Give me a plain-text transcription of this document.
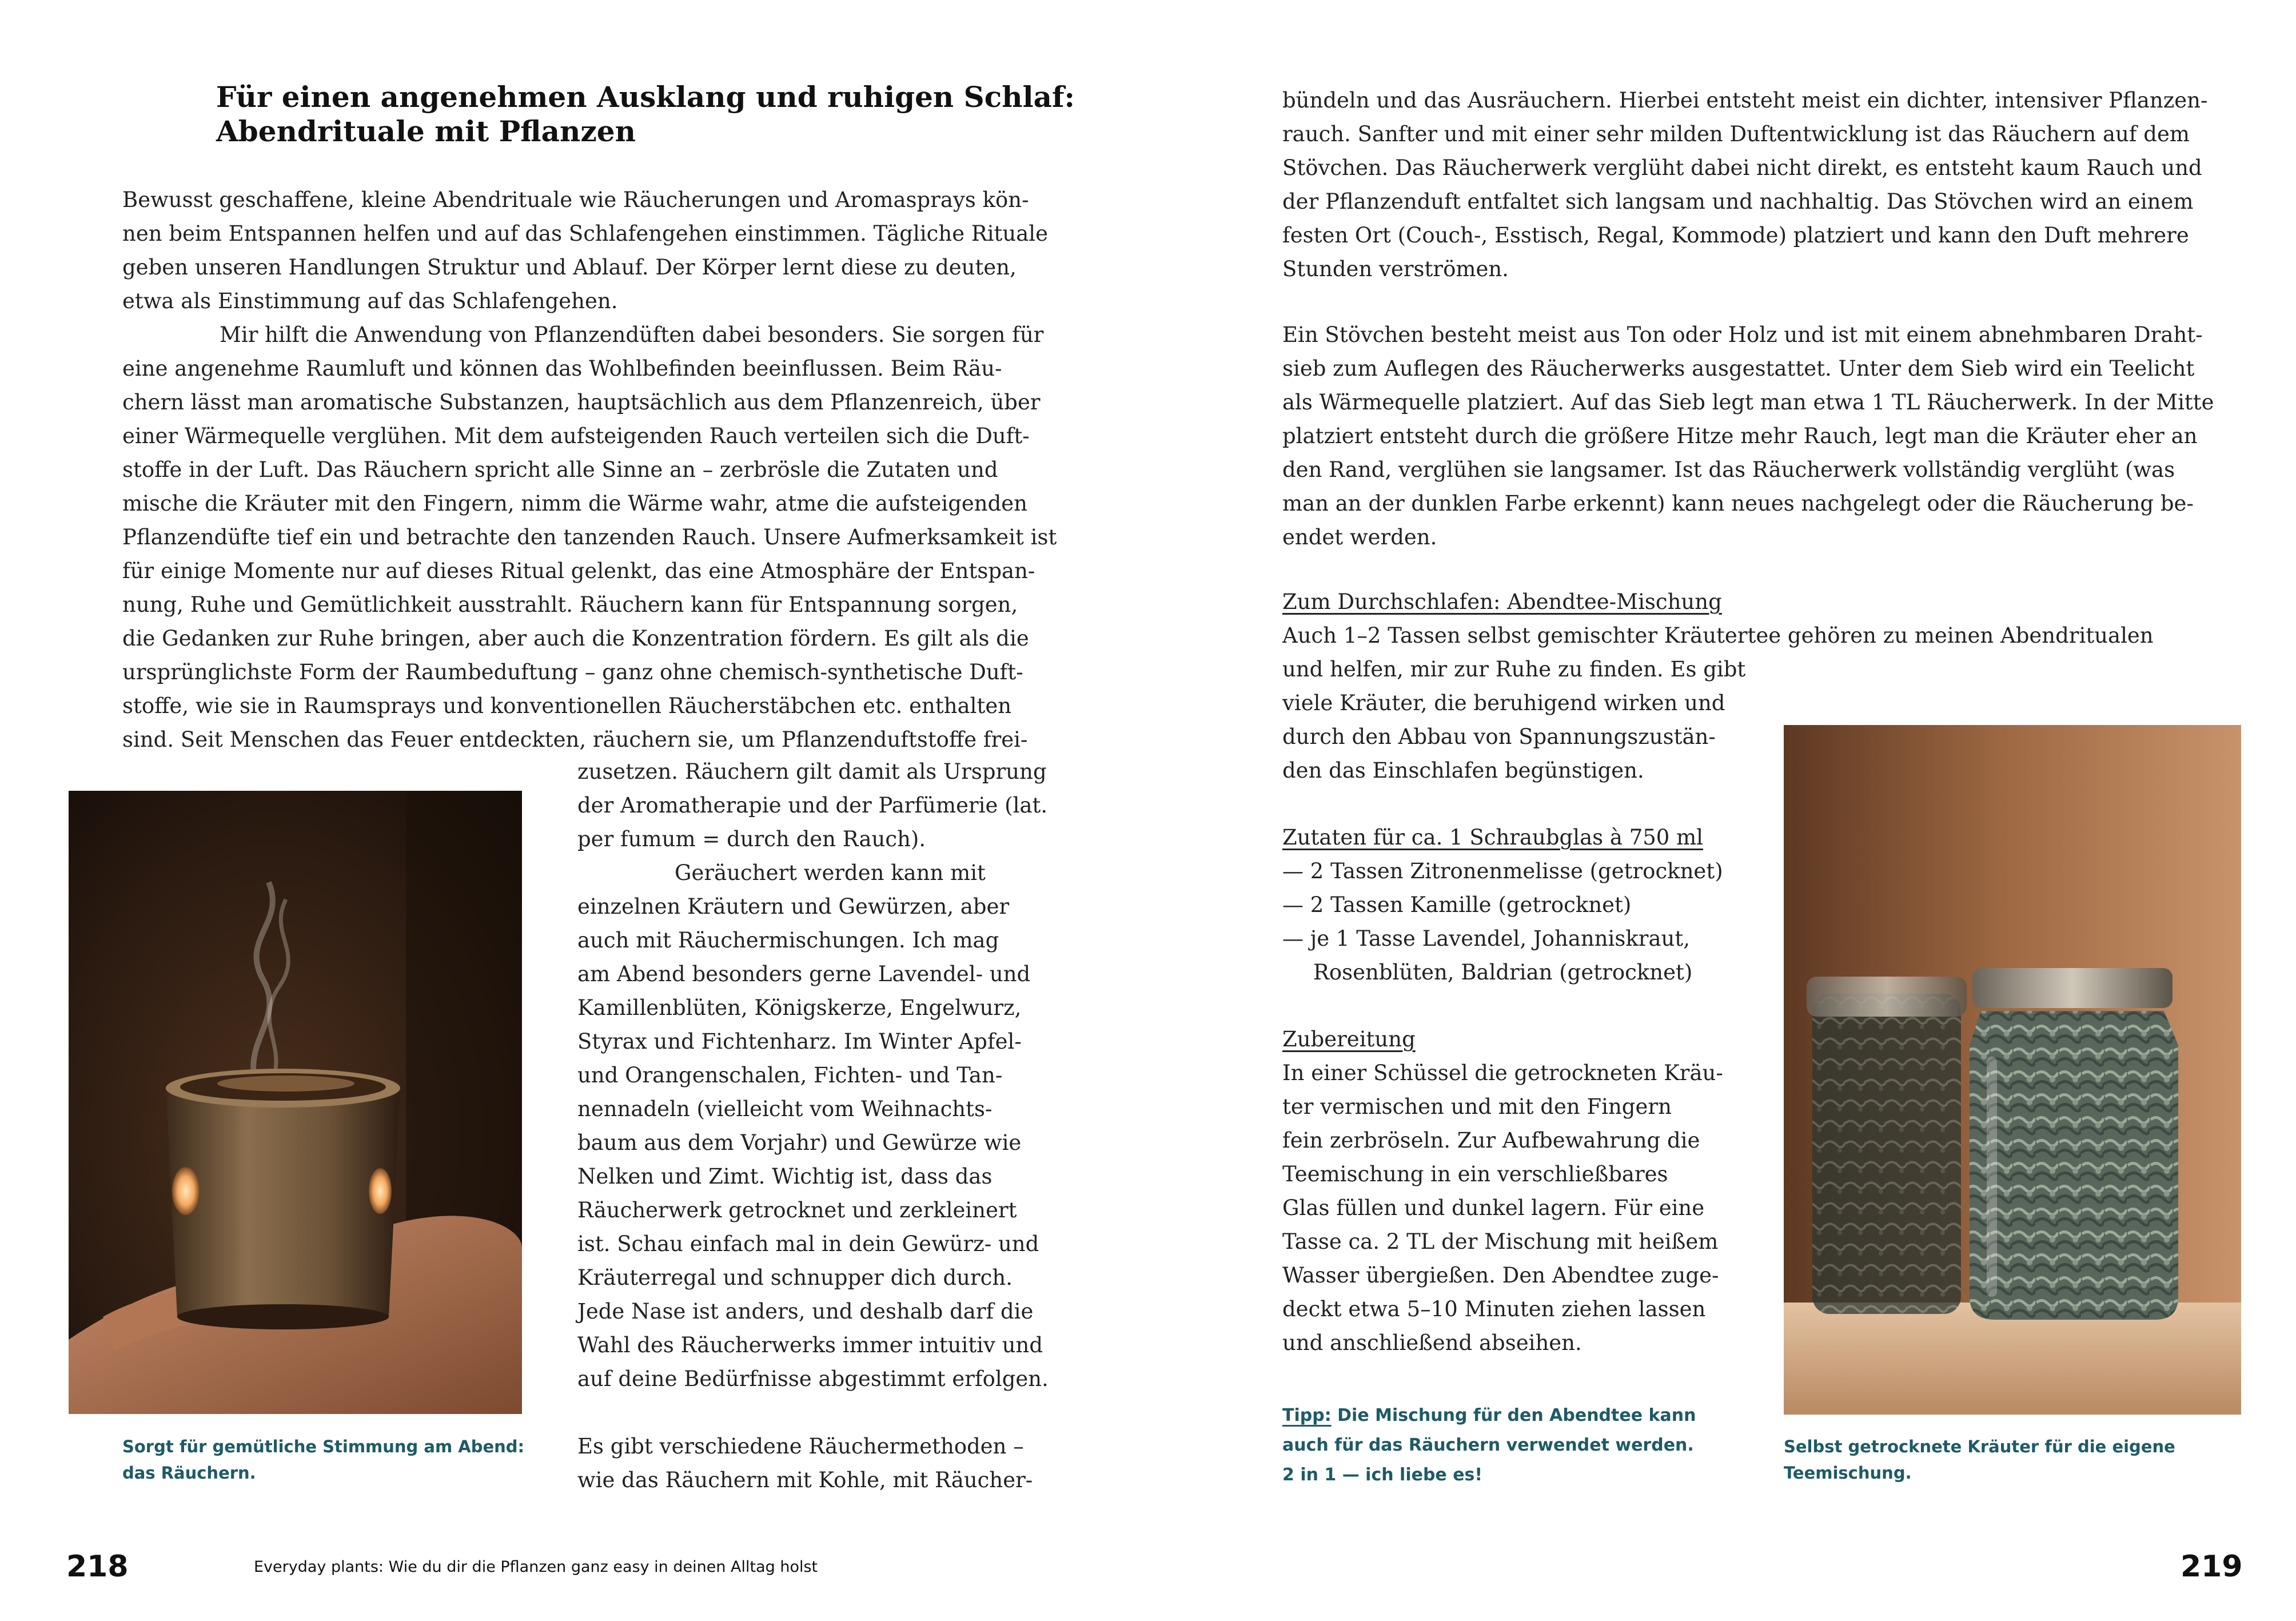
Für einen angenehmen Ausklang und ruhigen Schlaf:
Abendrituale mit Pflanzen
Bewusst geschaffene, kleine Abendrituale wie Räucherungen und Aromasprays kön-
nen beim Entspannen helfen und auf das Schlafengehen einstimmen. Tägliche Rituale
geben unseren Handlungen Struktur und Ablauf. Der Körper lernt diese zu deuten,
etwa als Einstimmung auf das Schlafengehen.
Mir hilft die Anwendung von Pflanzendüften dabei besonders. Sie sorgen für
eine angenehme Raumluft und können das Wohlbefinden beeinflussen. Beim Räu-
chern lässt man aromatische Substanzen, hauptsächlich aus dem Pflanzenreich, über
einer Wärmequelle verglühen. Mit dem aufsteigenden Rauch verteilen sich die Duft-
stoffe in der Luft. Das Räuchern spricht alle Sinne an – zerbrösle die Zutaten und
mische die Kräuter mit den Fingern, nimm die Wärme wahr, atme die aufsteigenden
Pflanzendüfte tief ein und betrachte den tanzenden Rauch. Unsere Aufmerksamkeit ist
für einige Momente nur auf dieses Ritual gelenkt, das eine Atmosphäre der Entspan-
nung, Ruhe und Gemütlichkeit ausstrahlt. Räuchern kann für Entspannung sorgen,
die Gedanken zur Ruhe bringen, aber auch die Konzentration fördern. Es gilt als die
ursprünglichste Form der Raumbeduftung – ganz ohne chemisch-synthetische Duft-
stoffe, wie sie in Raumsprays und konventionellen Räucherstäbchen etc. enthalten
sind. Seit Menschen das Feuer entdeckten, räuchern sie, um Pflanzenduftstoffe frei-
zusetzen. Räuchern gilt damit als Ursprung
der Aromatherapie und der Parfümerie (lat.
per fumum = durch den Rauch).
Geräuchert werden kann mit
einzelnen Kräutern und Gewürzen, aber
auch mit Räuchermischungen. Ich mag
am Abend besonders gerne Lavendel- und
Kamillenblüten, Königskerze, Engelwurz,
Styrax und Fichtenharz. Im Winter Apfel-
und Orangenschalen, Fichten- und Tan-
nennadeln (vielleicht vom Weihnachts-
baum aus dem Vorjahr) und Gewürze wie
Nelken und Zimt. Wichtig ist, dass das
Räucherwerk getrocknet und zerkleinert
ist. Schau einfach mal in dein Gewürz- und
Kräuterregal und schnupper dich durch.
Jede Nase ist anders, und deshalb darf die
Wahl des Räucherwerks immer intuitiv und
auf deine Bedürfnisse abgestimmt erfolgen.

Es gibt verschiedene Räuchermethoden –
wie das Räuchern mit Kohle, mit Räucher-
Sorgt für gemütliche Stimmung am Abend:
das Räuchern.
218	Everyday plants: Wie du dir die Pflanzen ganz easy in deinen Alltag holst
bündeln und das Ausräuchern. Hierbei entsteht meist ein dichter, intensiver Pflanzen-
rauch. Sanfter und mit einer sehr milden Duftentwicklung ist das Räuchern auf dem
Stövchen. Das Räucherwerk verglüht dabei nicht direkt, es entsteht kaum Rauch und
der Pflanzenduft entfaltet sich langsam und nachhaltig. Das Stövchen wird an einem
festen Ort (Couch-, Esstisch, Regal, Kommode) platziert und kann den Duft mehrere
Stunden verströmen.
Ein Stövchen besteht meist aus Ton oder Holz und ist mit einem abnehmbaren Draht-
sieb zum Auflegen des Räucherwerks ausgestattet. Unter dem Sieb wird ein Teelicht
als Wärmequelle platziert. Auf das Sieb legt man etwa 1 TL Räucherwerk. In der Mitte
platziert entsteht durch die größere Hitze mehr Rauch, legt man die Kräuter eher an
den Rand, verglühen sie langsamer. Ist das Räucherwerk vollständig verglüht (was
man an der dunklen Farbe erkennt) kann neues nachgelegt oder die Räucherung be-
endet werden.

Zum Durchschlafen: Abendtee-Mischung

Auch 1–2 Tassen selbst gemischter Kräutertee gehören zu meinen Abendritualen

und helfen, mir zur Ruhe zu finden. Es gibt
viele Kräuter, die beruhigend wirken und
durch den Abbau von Spannungszustän-
den das Einschlafen begünstigen.

Zutaten für ca. 1 Schraubglas à 750 ml

— 2 Tassen Zitronenmelisse (getrocknet)
— 2 Tassen Kamille (getrocknet)
— je 1 Tasse Lavendel, Johanniskraut,
Rosenblüten, Baldrian (getrocknet)

Zubereitung

In einer Schüssel die getrockneten Kräu-
ter vermischen und mit den Fingern
fein zerbröseln. Zur Aufbewahrung die
Teemischung in ein verschließbares
Glas füllen und dunkel lagern. Für eine
Tasse ca. 2 TL der Mischung mit heißem
Wasser übergießen. Den Abendtee zuge-
deckt etwa 5–10 Minuten ziehen lassen
und anschließend abseihen.

Tipp: Die Mischung für den Abendtee kann

auch für das Räuchern verwendet werden.

2 in 1 — ich liebe es!

Selbst getrocknete Kräuter für die eigene
Teemischung.
219
